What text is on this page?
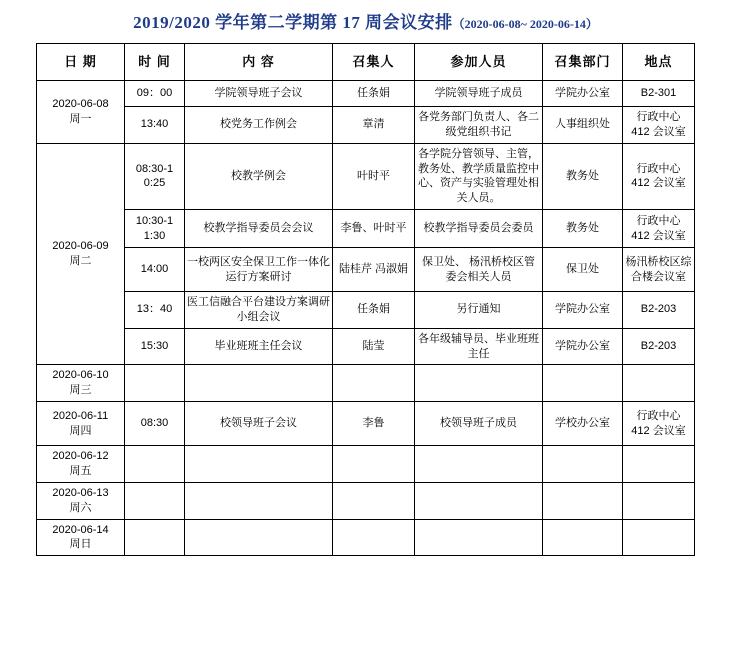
2019/2020 学年第二学期第 17 周会议安排（2020-06-08~ 2020-06-14）
日 期	时 间	内 容	召集人	参加人员	召集部门	地点
2020-06-08
周一	09：00	学院领导班子会议	任条娟	学院领导班子成员	学院办公室	B2-301
	13:40	校党务工作例会	章清	各党务部门负责人、各二级党组织书记	人事组织处	行政中心
412 会议室
2020-06-09
周二	08:30-1
0:25	校教学例会	叶时平	各学院分管领导、主管，教务处、教学质量监控中心、资产与实验管理处相关人员。	教务处	行政中心
412 会议室
	10:30-1
1:30	校教学指导委员会会议	李鲁、叶时平	校教学指导委员会委员	教务处	行政中心
412 会议室
	14:00	一校两区安全保卫工作一体化运行方案研讨	陆桂芹 冯淑娟	保卫处、 杨汛桥校区管委会相关人员	保卫处	杨汛桥校区综合楼会议室
	13：40	医工信融合平台建设方案调研小组会议	任条娟	另行通知	学院办公室	B2-203
	15:30	毕业班班主任会议	陆莹	各年级辅导员、毕业班班主任	学院办公室	B2-203
2020-06-10
周三						
2020-06-11
周四	08:30	校领导班子会议	李鲁	校领导班子成员	学校办公室	行政中心
412 会议室
2020-06-12
周五						
2020-06-13
周六						
2020-06-14
周日						
